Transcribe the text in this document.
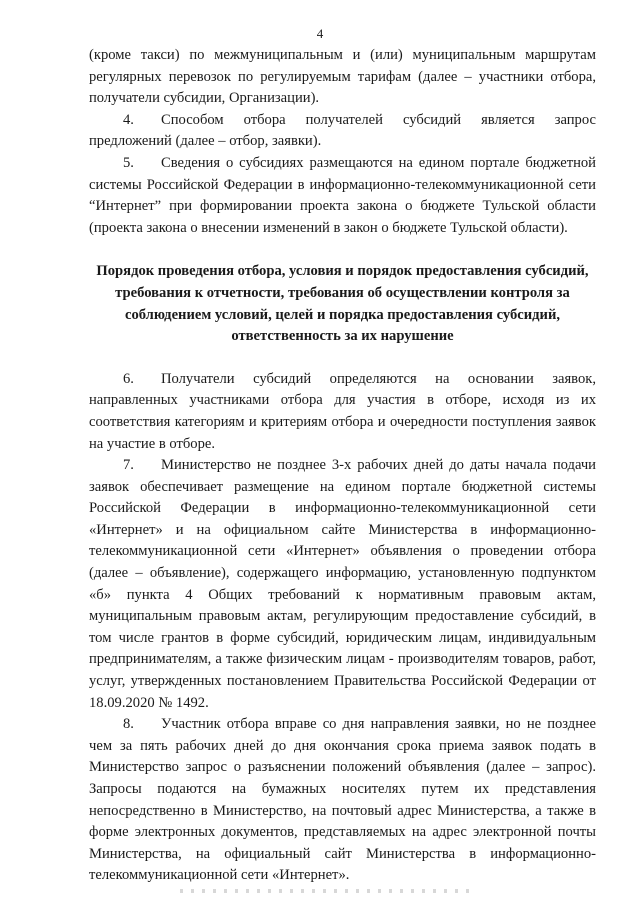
4

(кроме такси) по межмуниципальным и (или) муниципальным маршрутам регулярных перевозок по регулируемым тарифам (далее – участники отбора, получатели субсидии, Организации).

4. Способом отбора получателей субсидий является запрос предложений (далее – отбор, заявки).

5. Сведения о субсидиях размещаются на едином портале бюджетной системы Российской Федерации в информационно-телекоммуникационной сети “Интернет” при формировании проекта закона о бюджете Тульской области (проекта закона о внесении изменений в закон о бюджете Тульской области).

Порядок проведения отбора, условия и порядок предоставления субсидий, требования к отчетности, требования об осуществлении контроля за соблюдением условий, целей и порядка предоставления субсидий, ответственность за их нарушение

6. Получатели субсидий определяются на основании заявок, направленных участниками отбора для участия в отборе, исходя из их соответствия категориям и критериям отбора и очередности поступления заявок на участие в отборе.

7. Министерство не позднее 3-х рабочих дней до даты начала подачи заявок обеспечивает размещение на едином портале бюджетной системы Российской Федерации в информационно-телекоммуникационной сети «Интернет» и на официальном сайте Министерства в информационно-телекоммуникационной сети «Интернет» объявления о проведении отбора (далее – объявление), содержащего информацию, установленную подпунктом «б» пункта 4 Общих требований к нормативным правовым актам, муниципальным правовым актам, регулирующим предоставление субсидий, в том числе грантов в форме субсидий, юридическим лицам, индивидуальным предпринимателям, а также физическим лицам - производителям товаров, работ, услуг, утвержденных постановлением Правительства Российской Федерации от 18.09.2020 № 1492.

8. Участник отбора вправе со дня направления заявки, но не позднее чем за пять рабочих дней до дня окончания срока приема заявок подать в Министерство запрос о разъяснении положений объявления (далее – запрос). Запросы подаются на бумажных носителях путем их представления непосредственно в Министерство, на почтовый адрес Министерства, а также в форме электронных документов, представляемых на адрес электронной почты Министерства, на официальный сайт Министерства в информационно-телекоммуникационной сети «Интернет».
